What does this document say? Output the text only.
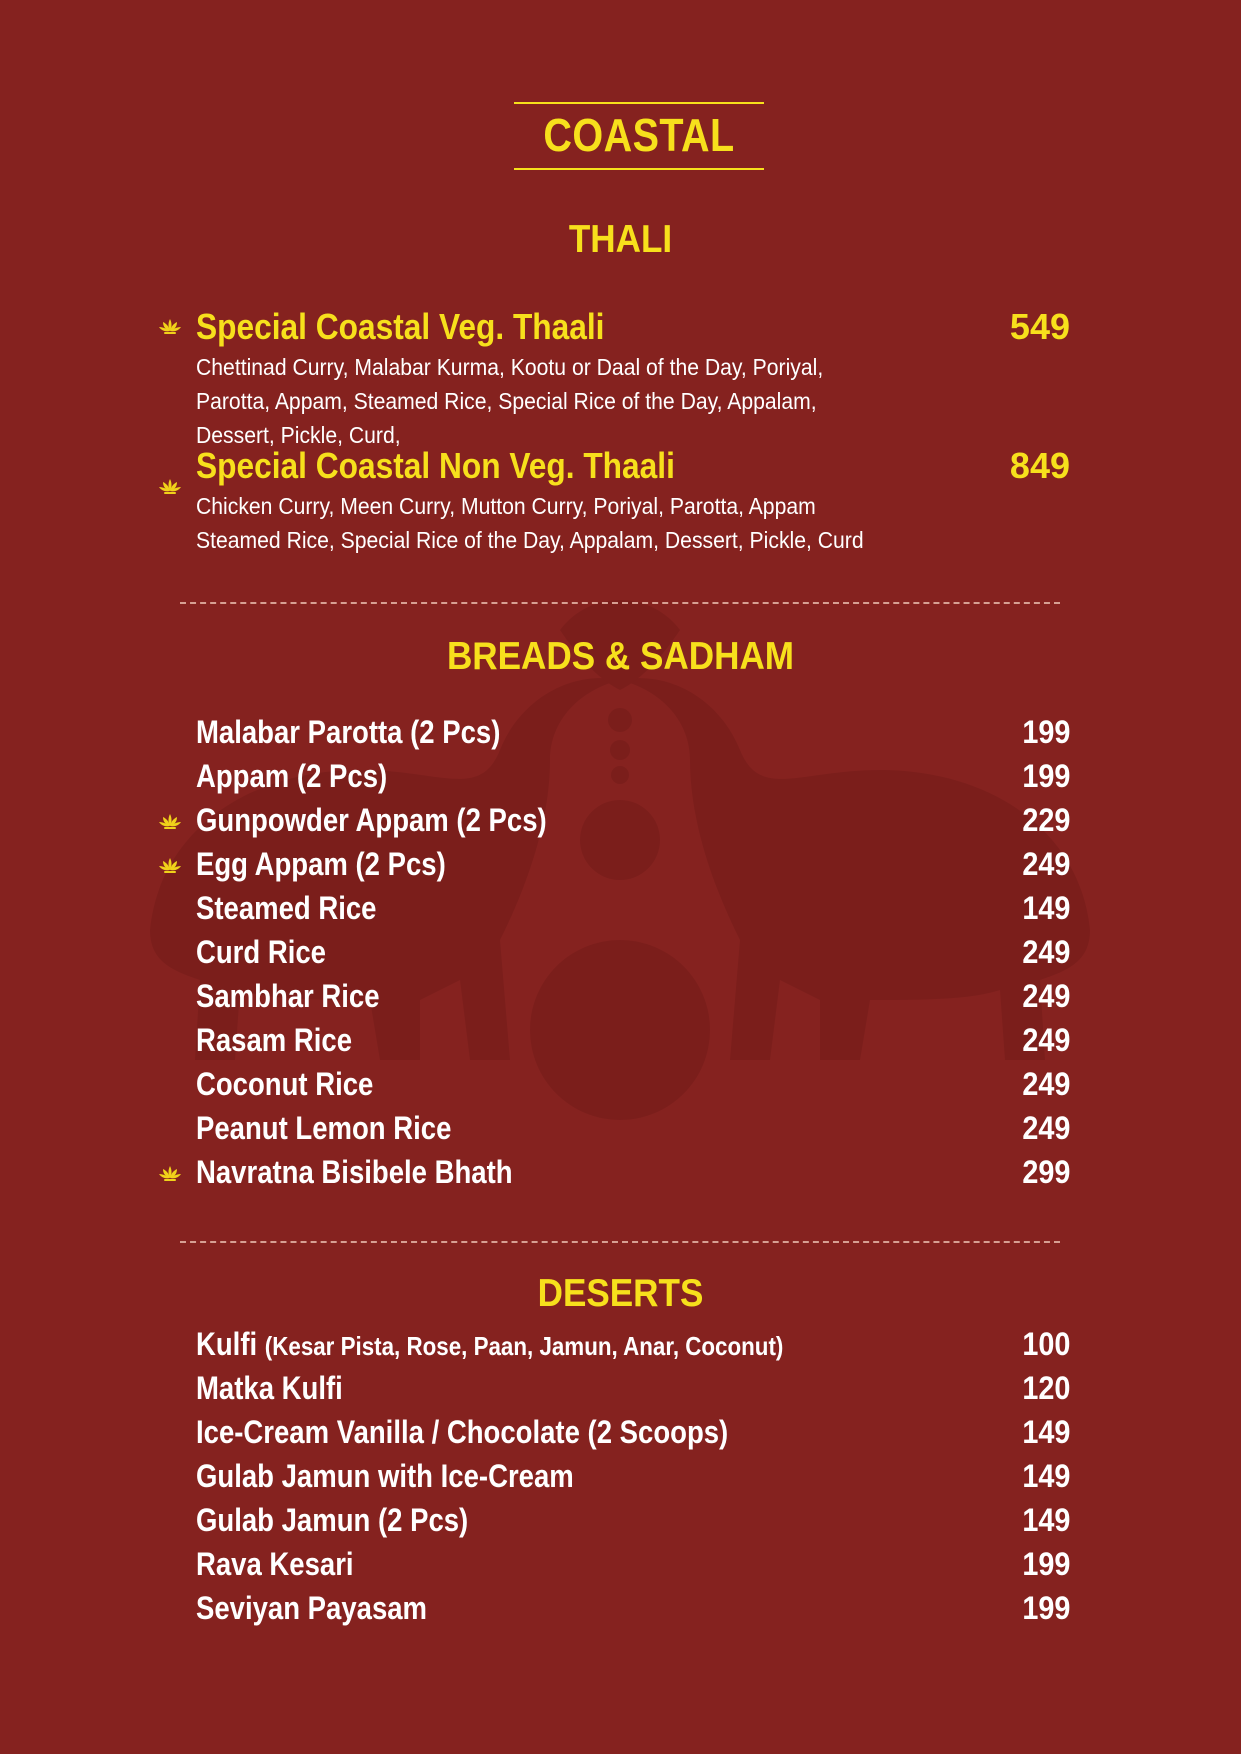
COASTAL
THALI
Special Coastal Veg. Thaali	549
Chettinad Curry, Malabar Kurma, Kootu or Daal of the Day, Poriyal, Parotta, Appam, Steamed Rice, Special Rice of the Day, Appalam, Dessert, Pickle, Curd,
Special Coastal Non Veg. Thaali	849
Chicken Curry, Meen Curry, Mutton Curry, Poriyal, Parotta, Appam Steamed Rice, Special Rice of the Day, Appalam, Dessert, Pickle, Curd
BREADS & SADHAM
Malabar Parotta (2 Pcs)	199
Appam (2 Pcs)	199
Gunpowder Appam (2 Pcs)	229
Egg Appam (2 Pcs)	249
Steamed Rice	149
Curd Rice	249
Sambhar Rice	249
Rasam Rice	249
Coconut Rice	249
Peanut Lemon Rice	249
Navratna Bisibele Bhath	299
DESERTS
Kulfi (Kesar Pista, Rose, Paan, Jamun, Anar, Coconut)	100
Matka Kulfi	120
Ice-Cream Vanilla / Chocolate (2 Scoops)	149
Gulab Jamun with Ice-Cream	149
Gulab Jamun (2 Pcs)	149
Rava Kesari	199
Seviyan Payasam	199
